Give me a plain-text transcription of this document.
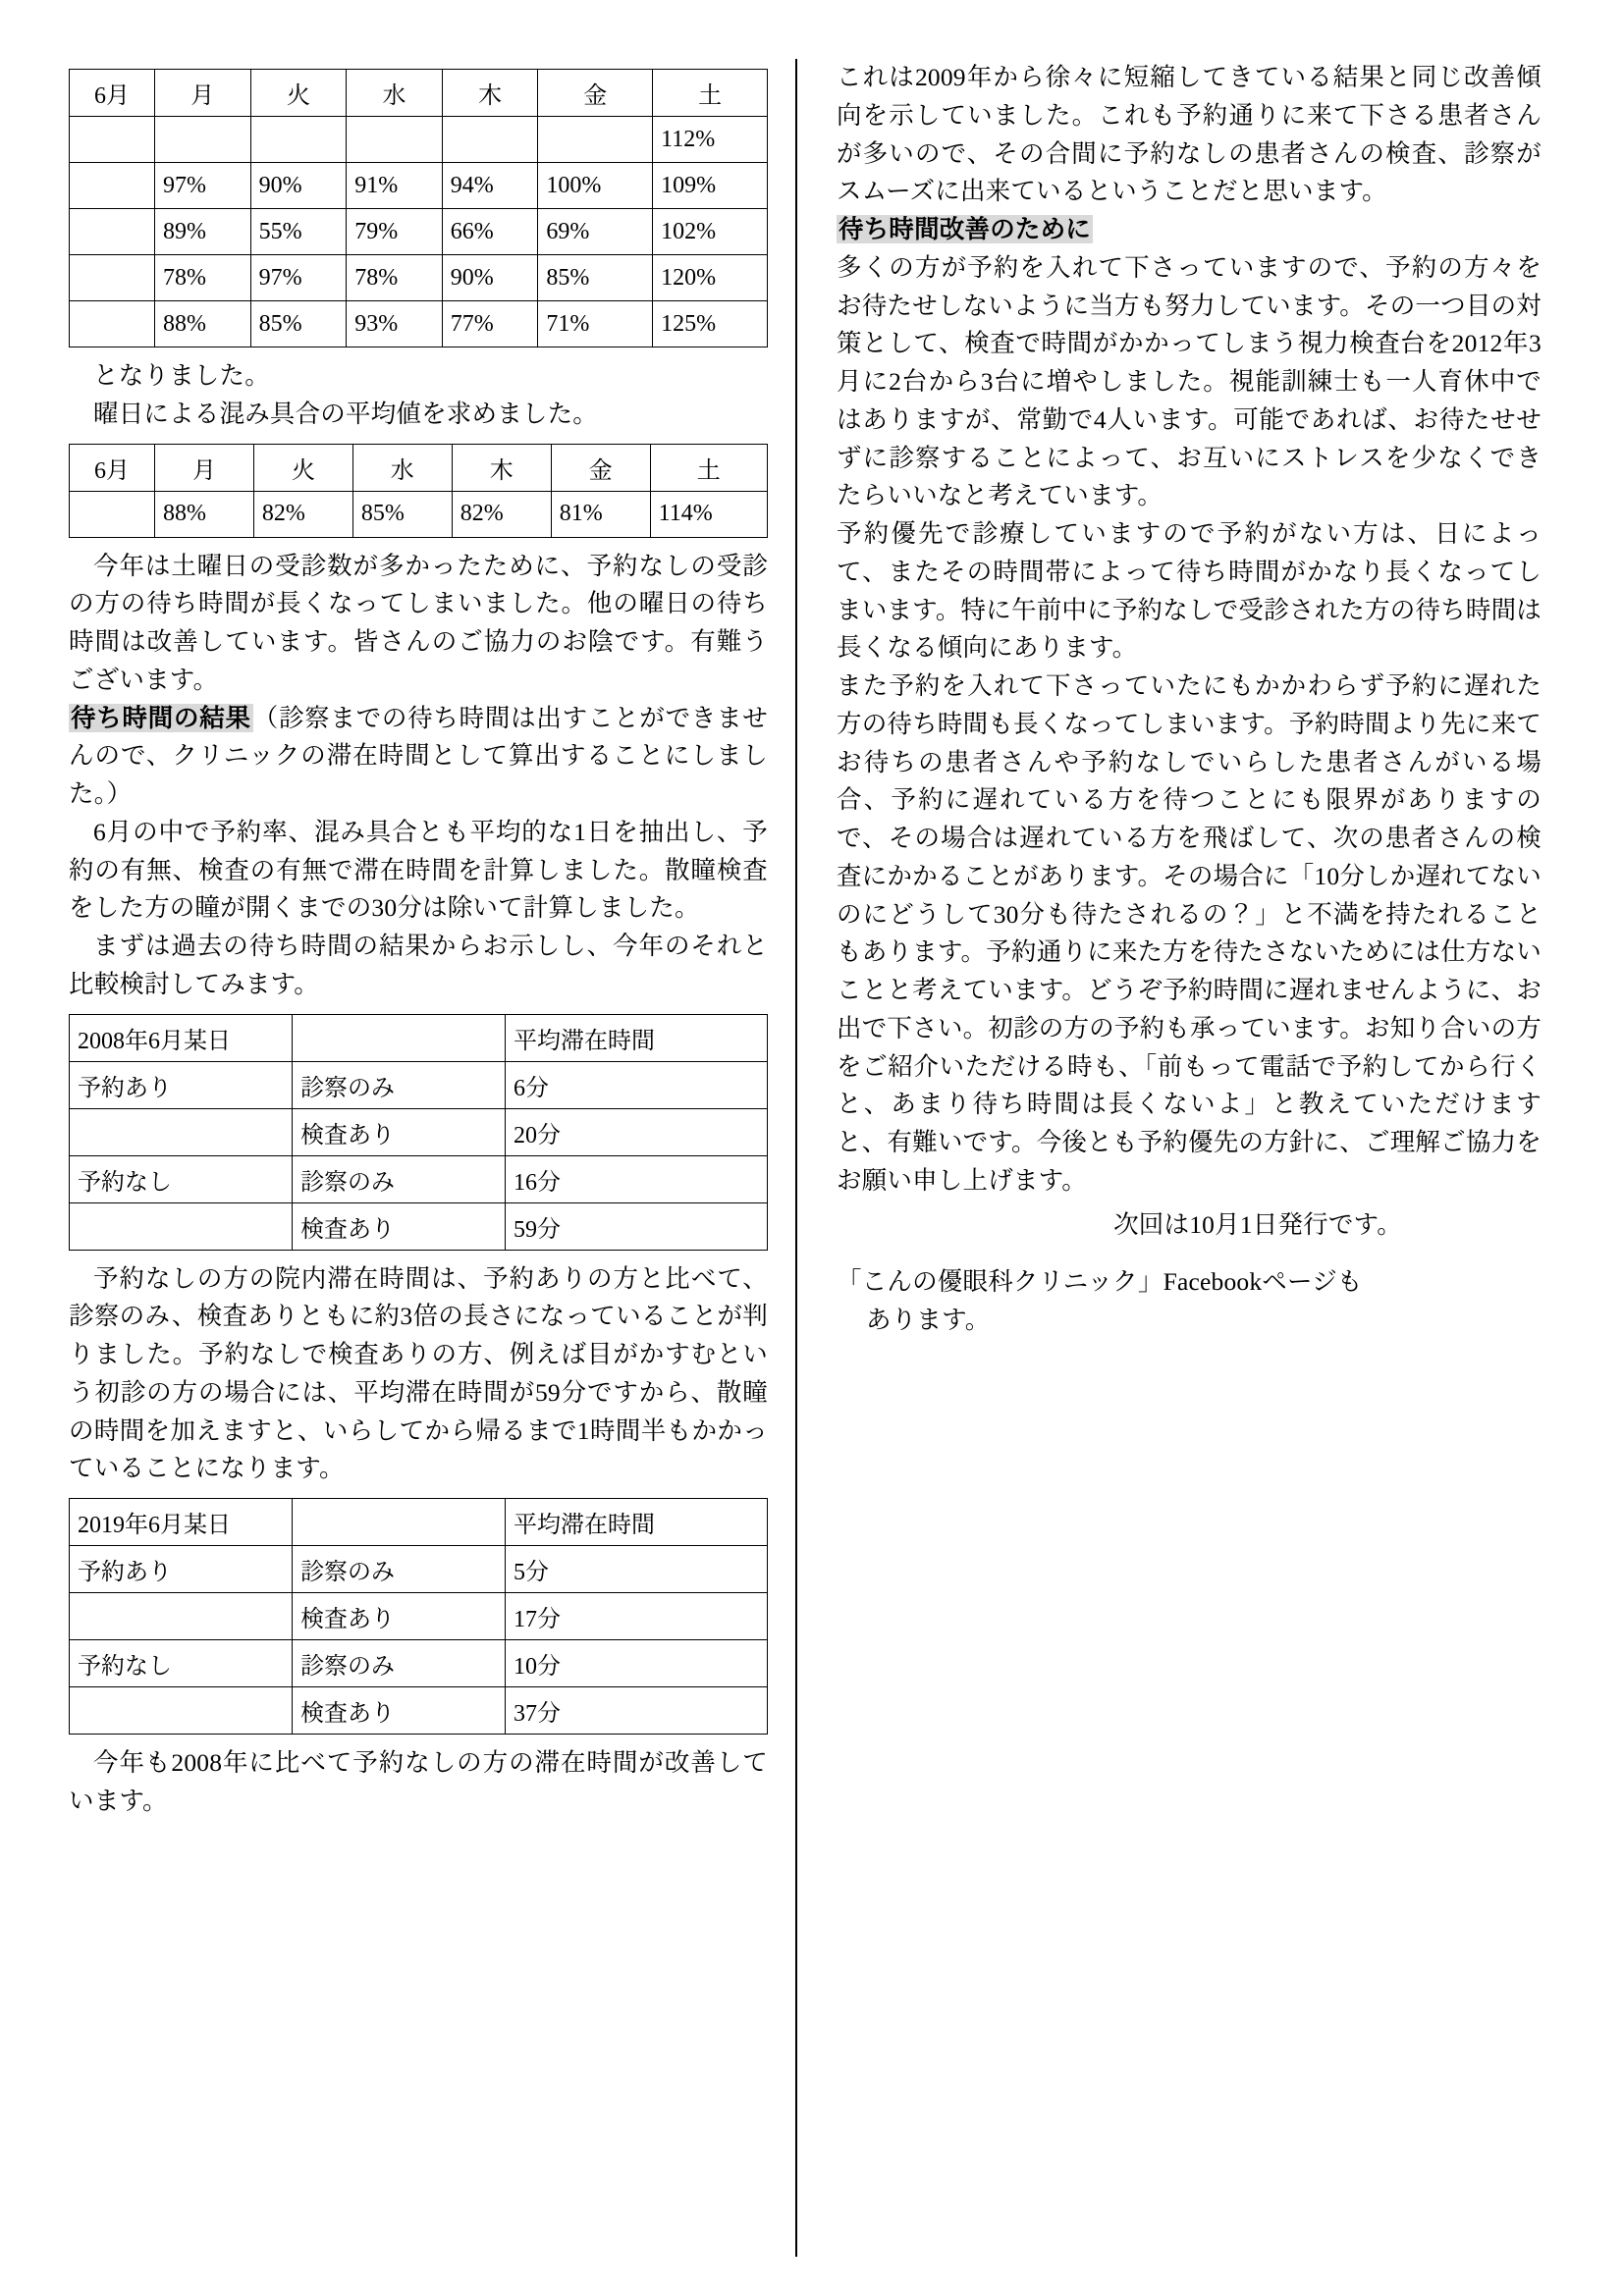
6月	月	火	水	木	金	土
						112%
	97%	90%	91%	94%	100%	109%
	89%	55%	79%	66%	69%	102%
	78%	97%	78%	90%	85%	120%
	88%	85%	93%	77%	71%	125%

となりました。

曜日による混み具合の平均値を求めました。

6月	月	火	水	木	金	土
	88%	82%	85%	82%	81%	114%

今年は土曜日の受診数が多かったために、予約なしの受診の方の待ち時間が長くなってしまいました。他の曜日の待ち時間は改善しています。皆さんのご協力のお陰です。有難うございます。

待ち時間の結果（診察までの待ち時間は出すことができませんので、クリニックの滞在時間として算出することにしました。）

6月の中で予約率、混み具合とも平均的な1日を抽出し、予約の有無、検査の有無で滞在時間を計算しました。散瞳検査をした方の瞳が開くまでの30分は除いて計算しました。

まずは過去の待ち時間の結果からお示しし、今年のそれと比較検討してみます。

2008年6月某日		平均滞在時間
予約あり	診察のみ	6分
	検査あり	20分
予約なし	診察のみ	16分
	検査あり	59分

予約なしの方の院内滞在時間は、予約ありの方と比べて、診察のみ、検査ありともに約3倍の長さになっていることが判りました。予約なしで検査ありの方、例えば目がかすむという初診の方の場合には、平均滞在時間が59分ですから、散瞳の時間を加えますと、いらしてから帰るまで1時間半もかかっていることになります。

2019年6月某日		平均滞在時間
予約あり	診察のみ	5分
	検査あり	17分
予約なし	診察のみ	10分
	検査あり	37分

今年も2008年に比べて予約なしの方の滞在時間が改善しています。

これは2009年から徐々に短縮してきている結果と同じ改善傾向を示していました。これも予約通りに来て下さる患者さんが多いので、その合間に予約なしの患者さんの検査、診察がスムーズに出来ているということだと思います。

待ち時間改善のために

多くの方が予約を入れて下さっていますので、予約の方々をお待たせしないように当方も努力しています。その一つ目の対策として、検査で時間がかかってしまう視力検査台を2012年3月に2台から3台に増やしました。視能訓練士も一人育休中ではありますが、常勤で4人います。可能であれば、お待たせせずに診察することによって、お互いにストレスを少なくできたらいいなと考えています。

予約優先で診療していますので予約がない方は、日によって、またその時間帯によって待ち時間がかなり長くなってしまいます。特に午前中に予約なしで受診された方の待ち時間は長くなる傾向にあります。

また予約を入れて下さっていたにもかかわらず予約に遅れた方の待ち時間も長くなってしまいます。予約時間より先に来てお待ちの患者さんや予約なしでいらした患者さんがいる場合、予約に遅れている方を待つことにも限界がありますので、その場合は遅れている方を飛ばして、次の患者さんの検査にかかることがあります。その場合に「10分しか遅れてないのにどうして30分も待たされるの？」と不満を持たれることもあります。予約通りに来た方を待たさないためには仕方ないことと考えています。どうぞ予約時間に遅れませんように、お出で下さい。初診の方の予約も承っています。お知り合いの方をご紹介いただける時も、「前もって電話で予約してから行くと、あまり待ち時間は長くないよ」と教えていただけますと、有難いです。今後とも予約優先の方針に、ご理解ご協力をお願い申し上げます。

次回は10月1日発行です。

「こんの優眼科クリニック」Facebookページも

あります。
